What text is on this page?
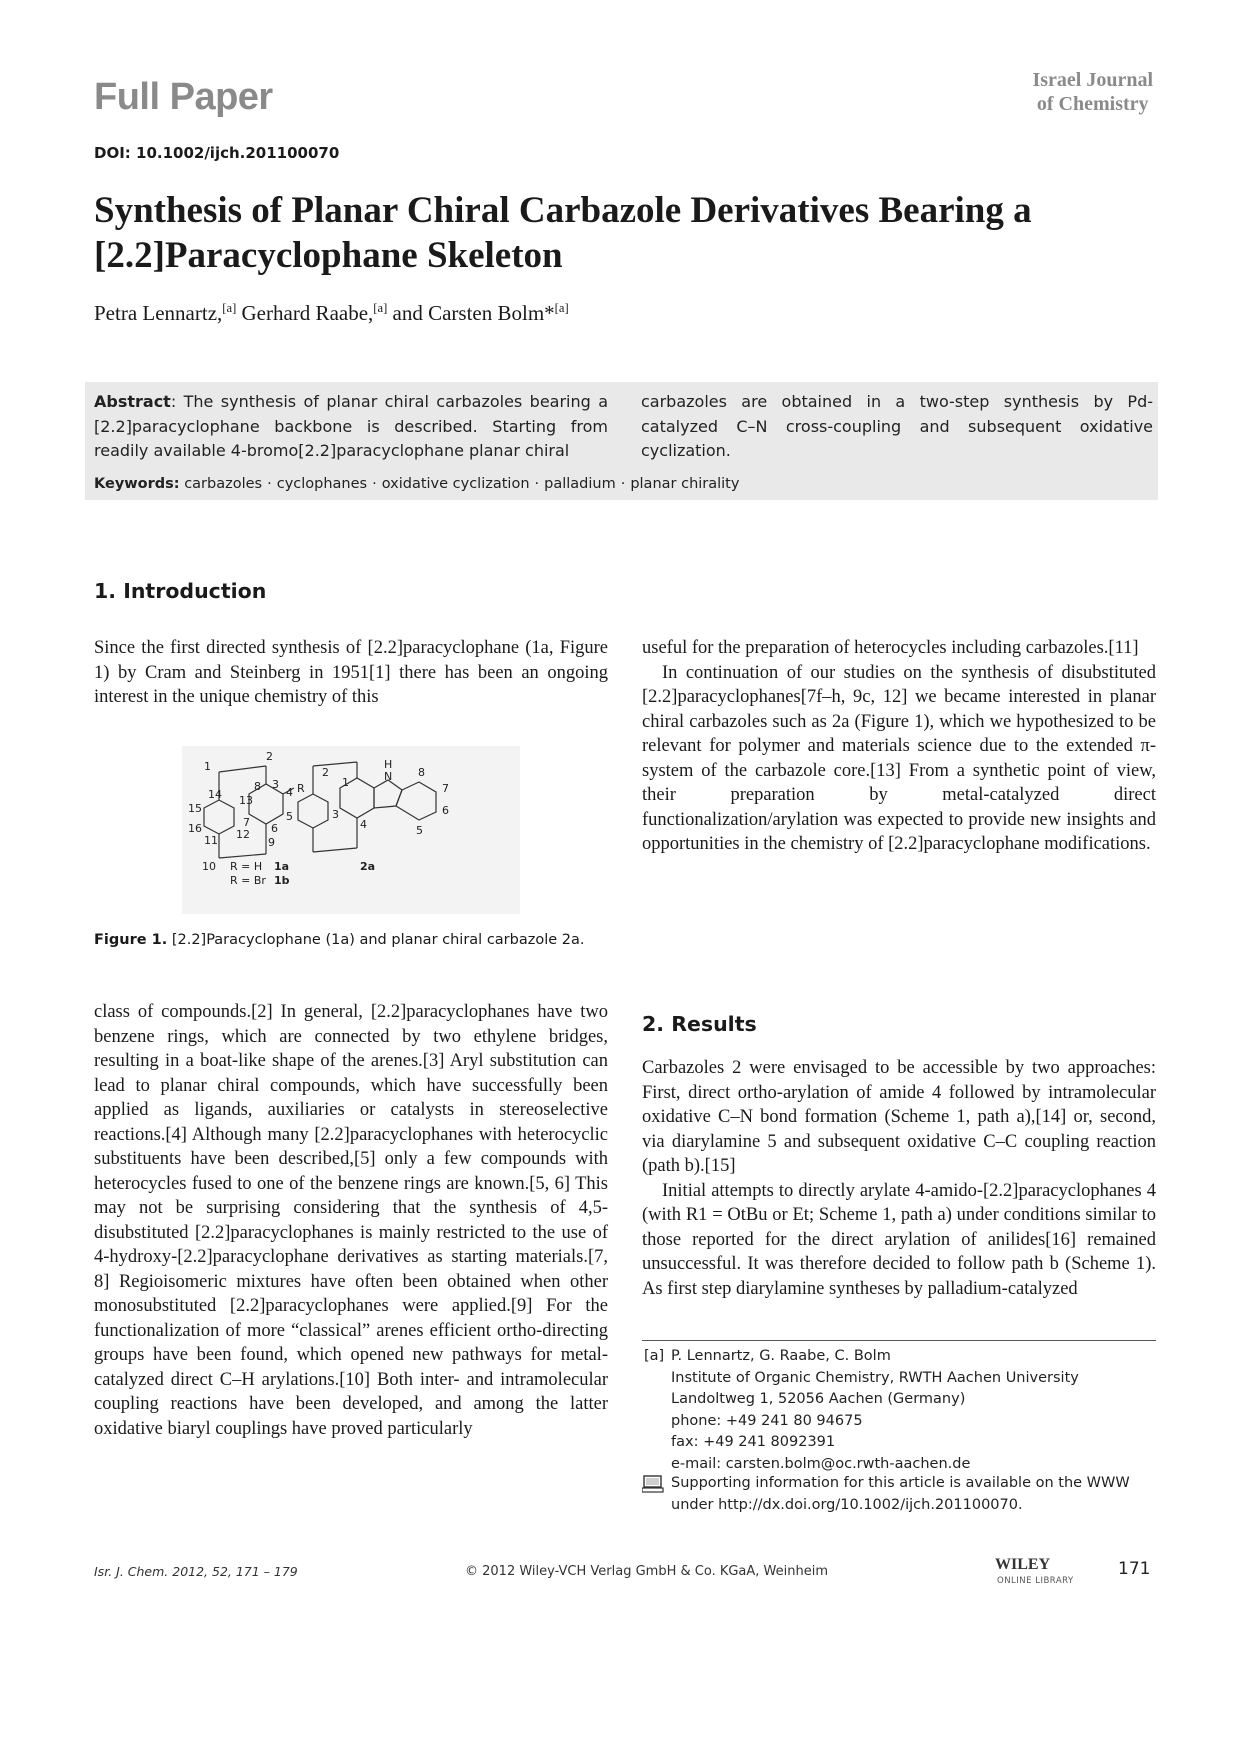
Full Paper	Israel Journal
of Chemistry
DOI: 10.1002/ijch.201100070
Synthesis of Planar Chiral Carbazole Derivatives Bearing a [2.2]Paracyclophane Skeleton
Petra Lennartz,[a] Gerhard Raabe,[a] and Carsten Bolm*[a]
Abstract: The synthesis of planar chiral carbazoles bearing a [2.2]paracyclophane backbone is described. Starting from readily available 4-bromo[2.2]paracyclophane planar chiral
carbazoles are obtained in a two-step synthesis by Pd-catalyzed C–N cross-coupling and subsequent oxidative cyclization.
Keywords: carbazoles · cyclophanes · oxidative cyclization · palladium · planar chirality
1. Introduction
Since the first directed synthesis of [2.2]paracyclophane (1a, Figure 1) by Cram and Steinberg in 1951[1] there has been an ongoing interest in the unique chemistry of this

useful for the preparation of heterocycles including carbazoles.[11]

In continuation of our studies on the synthesis of disubstituted [2.2]paracyclophanes[7f–h, 9c, 12] we became interested in planar chiral carbazoles such as 2a (Figure 1), which we hypothesized to be relevant for polymer and materials science due to the extended π-system of the carbazole core.[13] From a synthetic point of view, their preparation by metal-catalyzed direct functionalization/arylation was expected to provide new insights and opportunities in the chemistry of [2.2]paracyclophane modifications.

2
1
8 3
4 R
5
6
7
13
14
15
16
11 12
9
10 R = H 1a
R = Br 1b
2
1
3
4
H
N 8
7
6
5
2a
Figure 1. [2.2]Paracyclophane (1a) and planar chiral carbazole 2a.
class of compounds.[2] In general, [2.2]paracyclophanes have two benzene rings, which are connected by two ethylene bridges, resulting in a boat-like shape of the arenes.[3] Aryl substitution can lead to planar chiral compounds, which have successfully been applied as ligands, auxiliaries or catalysts in stereoselective reactions.[4] Although many [2.2]paracyclophanes with heterocyclic substituents have been described,[5] only a few compounds with heterocycles fused to one of the benzene rings are known.[5, 6] This may not be surprising considering that the synthesis of 4,5-disubstituted [2.2]paracyclophanes is mainly restricted to the use of 4-hydroxy-[2.2]paracyclophane derivatives as starting materials.[7, 8] Regioisomeric mixtures have often been obtained when other monosubstituted [2.2]paracyclophanes were applied.[9] For the functionalization of more “classical” arenes efficient ortho-directing groups have been found, which opened new pathways for metal-catalyzed direct C–H arylations.[10] Both inter- and intramolecular coupling reactions have been developed, and among the latter oxidative biaryl couplings have proved particularly
2. Results

Carbazoles 2 were envisaged to be accessible by two approaches: First, direct ortho-arylation of amide 4 followed by intramolecular oxidative C–N bond formation (Scheme 1, path a),[14] or, second, via diarylamine 5 and subsequent oxidative C–C coupling reaction (path b).[15]

Initial attempts to directly arylate 4-amido-[2.2]paracyclophanes 4 (with R1 = OtBu or Et; Scheme 1, path a) under conditions similar to those reported for the direct arylation of anilides[16] remained unsuccessful. It was therefore decided to follow path b (Scheme 1). As first step diarylamine syntheses by palladium-catalyzed

[a] P. Lennartz, G. Raabe, C. Bolm
Institute of Organic Chemistry, RWTH Aachen University
Landoltweg 1, 52056 Aachen (Germany)
phone: +49 241 80 94675
fax: +49 241 8092391
e-mail: carsten.bolm@oc.rwth-aachen.de
Supporting information for this article is available on the WWW
under http://dx.doi.org/10.1002/ijch.201100070.
Isr. J. Chem. 2012, 52, 171 – 179	© 2012 Wiley-VCH Verlag GmbH & Co. KGaA, Weinheim	WILEY
ONLINE LIBRARY
171
